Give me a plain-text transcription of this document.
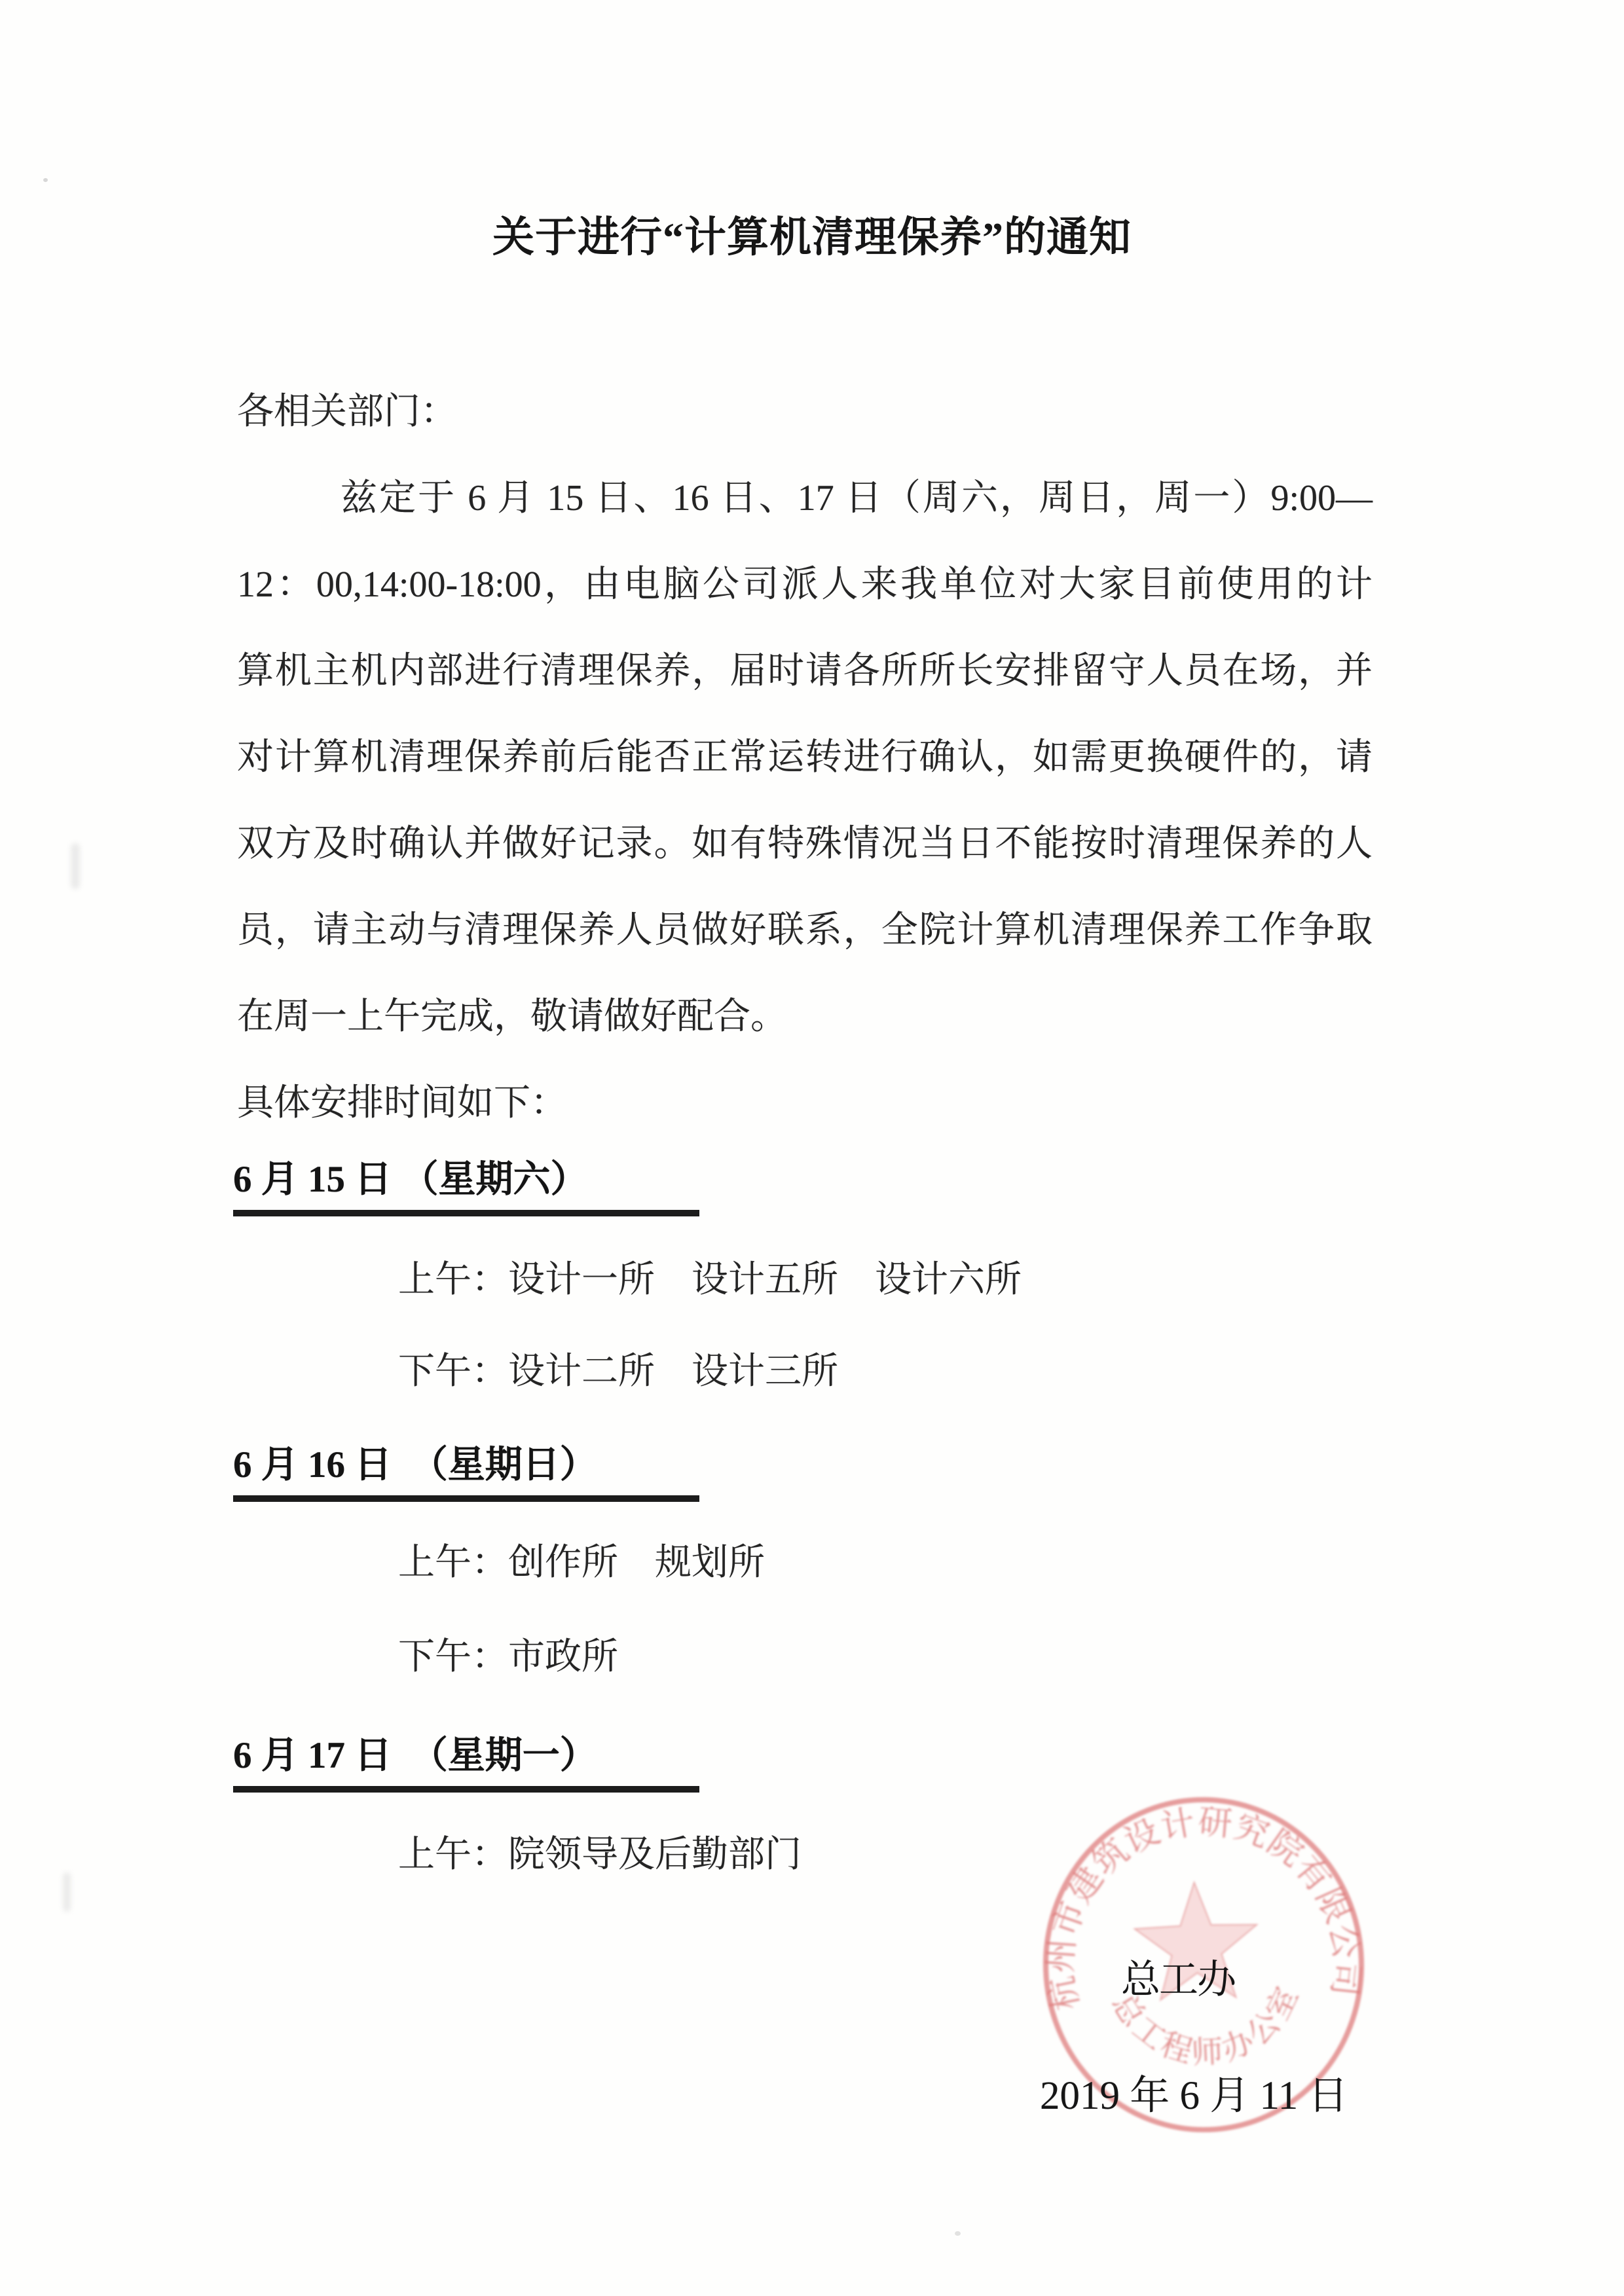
关于进行“计算机清理保养”的通知
各相关部门：
兹定于 6 月 15 日、16 日、17 日（周六，周日，周一）9:00—
12：00,14:00-18:00，由电脑公司派人来我单位对大家目前使用的计
算机主机内部进行清理保养，届时请各所所长安排留守人员在场，并
对计算机清理保养前后能否正常运转进行确认，如需更换硬件的，请
双方及时确认并做好记录。如有特殊情况当日不能按时清理保养的人
员，请主动与清理保养人员做好联系，全院计算机清理保养工作争取
在周一上午完成，敬请做好配合。
具体安排时间如下：
6 月 15 日 （星期六）
上午：设计一所　设计五所　设计六所
下午：设计二所　设计三所
6 月 16 日　（星期日）
上午：创作所　规划所
下午：市政所
6 月 17 日　（星期一）
上午：院领导及后勤部门
杭州市建筑设计研究院有限公司
总工程师办公室
总工办
2019 年 6 月 11 日
